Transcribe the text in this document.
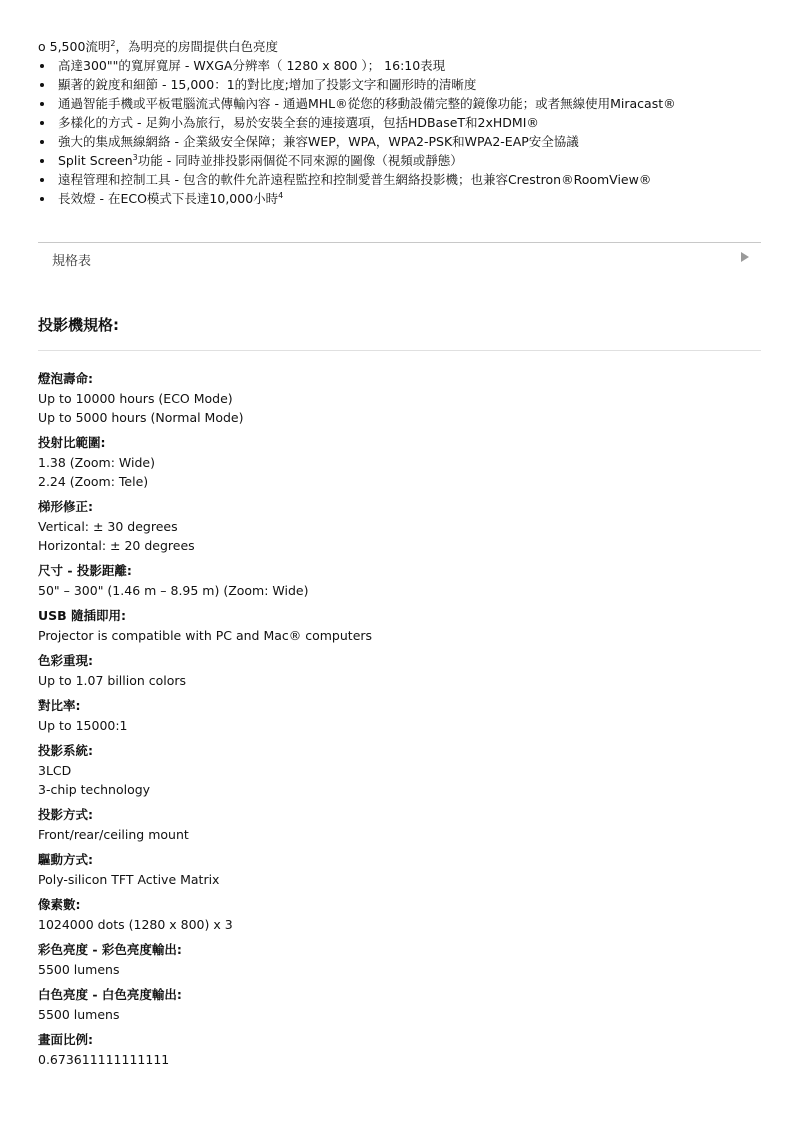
o 5,500流明$^2$，為明亮的房間提供白色亮度
高達300""的寬屏寬屏 - WXGA分辨率（ 1280 x 800 ）； 16:10表現
顯著的銳度和細節 - 15,000：1的對比度;增加了投影文字和圖形時的清晰度
通過智能手機或平板電腦流式傳輸內容 - 通過MHL®從您的移動設備完整的鏡像功能；或者無線使用Miracast®
多樣化的方式 - 足夠小為旅行，易於安裝全套的連接選項，包括HDBaseT和2xHDMI®
強大的集成無線網絡 - 企業級安全保障；兼容WEP，WPA，WPA2-PSK和WPA2-EAP安全協議
Split Screen$^3$功能 - 同時並排投影兩個從不同來源的圖像（視頻或靜態）
遠程管理和控制工具 - 包含的軟件允許遠程監控和控制愛普生網絡投影機；也兼容Crestron®RoomView®
長效燈 - 在ECO模式下長達10,000小時$^4$
規格表
投影機規格:
燈泡壽命:
Up to 10000 hours (ECO Mode)
Up to 5000 hours (Normal Mode)
投射比範圍:
1.38 (Zoom: Wide)
2.24 (Zoom: Tele)
梯形修正:
Vertical: ± 30 degrees
Horizontal: ± 20 degrees
尺寸 - 投影距離:
50" – 300" (1.46 m – 8.95 m) (Zoom: Wide)
USB 隨插即用:
Projector is compatible with PC and Mac® computers
色彩重現:
Up to 1.07 billion colors
對比率:
Up to 15000:1
投影系統:
3LCD
3-chip technology
投影方式:
Front/rear/ceiling mount
驅動方式:
Poly-silicon TFT Active Matrix
像素數:
1024000 dots (1280 x 800) x 3
彩色亮度 - 彩色亮度輸出:
5500 lumens
白色亮度 - 白色亮度輸出:
5500 lumens
畫面比例:
0.673611111111111
